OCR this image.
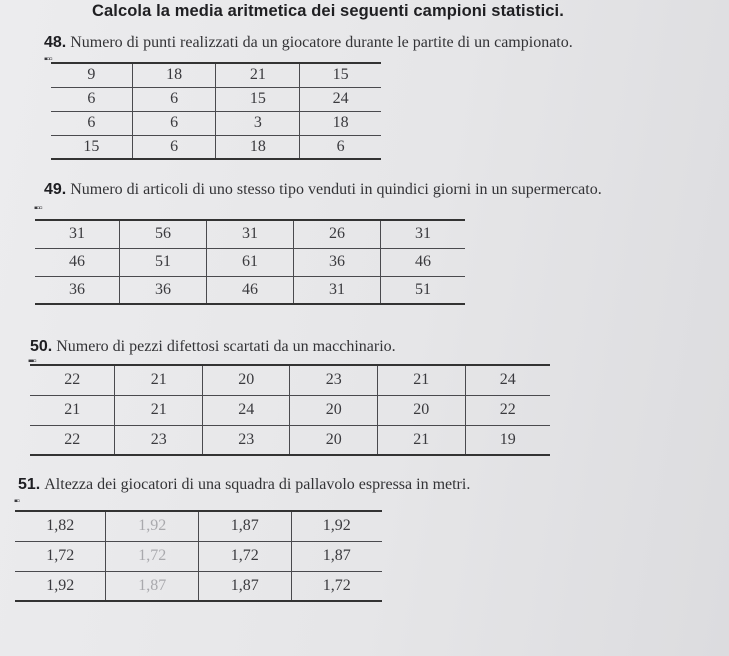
Calcola la media aritmetica dei seguenti campioni statistici.
48. Numero di punti realizzati da un giocatore durante le partite di un campionato.
▪▫▫
9	18	21	15
6	6	15	24
6	6	3	18
15	6	18	6
49. Numero di articoli di uno stesso tipo venduti in quindici giorni in un supermercato.
▪▫▫
31	56	31	26	31
46	51	61	36	46
36	36	46	31	51
50. Numero di pezzi difettosi scartati da un macchinario.
▪▪▫
22	21	20	23	21	24
21	21	24	20	20	22
22	23	23	20	21	19
51. Altezza dei giocatori di una squadra di pallavolo espressa in metri.
▪▫
1,82	1,92	1,87	1,92
1,72	1,72	1,72	1,87
1,92	1,87	1,87	1,72
